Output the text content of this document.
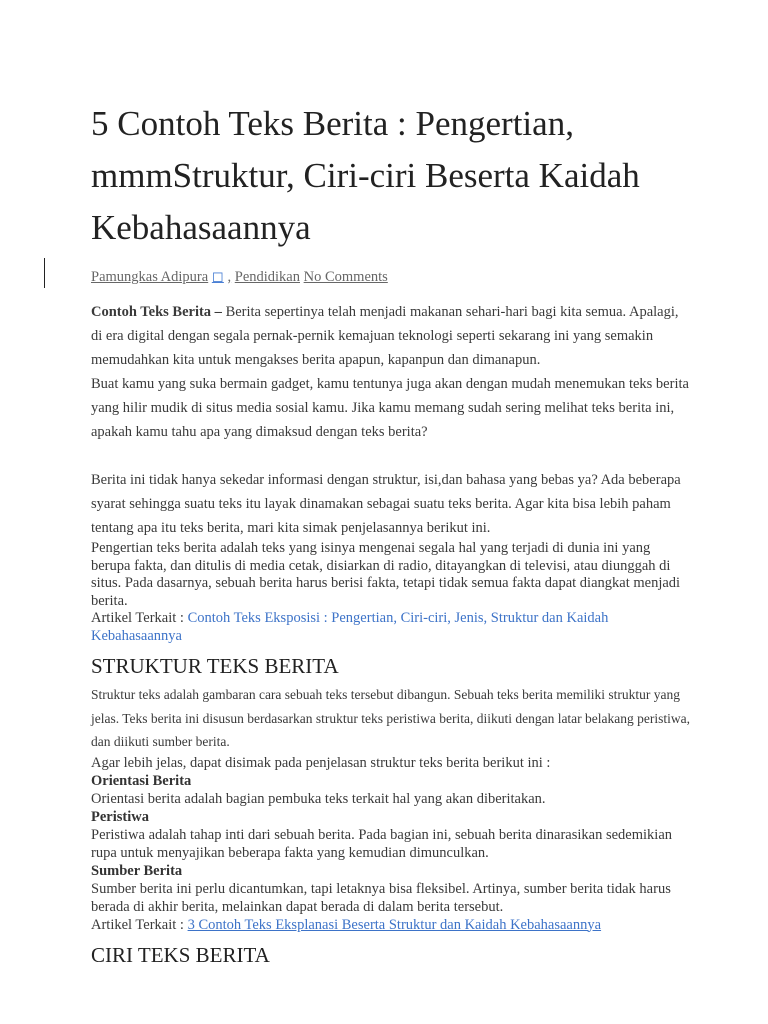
5 Contoh Teks Berita : Pengertian, mmmStruktur, Ciri-ciri Beserta Kaidah Kebahasaannya
Pamungkas Adipura ◻ , Pendidikan No Comments

Contoh Teks Berita – Berita sepertinya telah menjadi makanan sehari-hari bagi kita semua. Apalagi, di era digital dengan segala pernak-pernik kemajuan teknologi seperti sekarang ini yang semakin memudahkan kita untuk mengakses berita apapun, kapanpun dan dimanapun.

Buat kamu yang suka bermain gadget, kamu tentunya juga akan dengan mudah menemukan teks berita yang hilir mudik di situs media sosial kamu. Jika kamu memang sudah sering melihat teks berita ini, apakah kamu tahu apa yang dimaksud dengan teks berita?

Berita ini tidak hanya sekedar informasi dengan struktur, isi,dan bahasa yang bebas ya? Ada beberapa syarat sehingga suatu teks itu layak dinamakan sebagai suatu teks berita. Agar kita bisa lebih paham tentang apa itu teks berita, mari kita simak penjelasannya berikut ini.

Pengertian teks berita adalah teks yang isinya mengenai segala hal yang terjadi di dunia ini yang berupa fakta, dan ditulis di media cetak, disiarkan di radio, ditayangkan di televisi, atau diunggah di situs. Pada dasarnya, sebuah berita harus berisi fakta, tetapi tidak semua fakta dapat diangkat menjadi berita.

Artikel Terkait : Contoh Teks Eksposisi : Pengertian, Ciri-ciri, Jenis, Struktur dan Kaidah Kebahasaannya

STRUKTUR TEKS BERITA

Struktur teks adalah gambaran cara sebuah teks tersebut dibangun. Sebuah teks berita memiliki struktur yang jelas. Teks berita ini disusun berdasarkan struktur teks peristiwa berita, diikuti dengan latar belakang peristiwa, dan diikuti sumber berita.

Agar lebih jelas, dapat disimak pada penjelasan struktur teks berita berikut ini :

Orientasi Berita

Orientasi berita adalah bagian pembuka teks terkait hal yang akan diberitakan.

Peristiwa

Peristiwa adalah tahap inti dari sebuah berita. Pada bagian ini, sebuah berita dinarasikan sedemikian rupa untuk menyajikan beberapa fakta yang kemudian dimunculkan.

Sumber Berita

Sumber berita ini perlu dicantumkan, tapi letaknya bisa fleksibel. Artinya, sumber berita tidak harus berada di akhir berita, melainkan dapat berada di dalam berita tersebut.

Artikel Terkait : 3 Contoh Teks Eksplanasi Beserta Struktur dan Kaidah Kebahasaannya

CIRI TEKS BERITA
